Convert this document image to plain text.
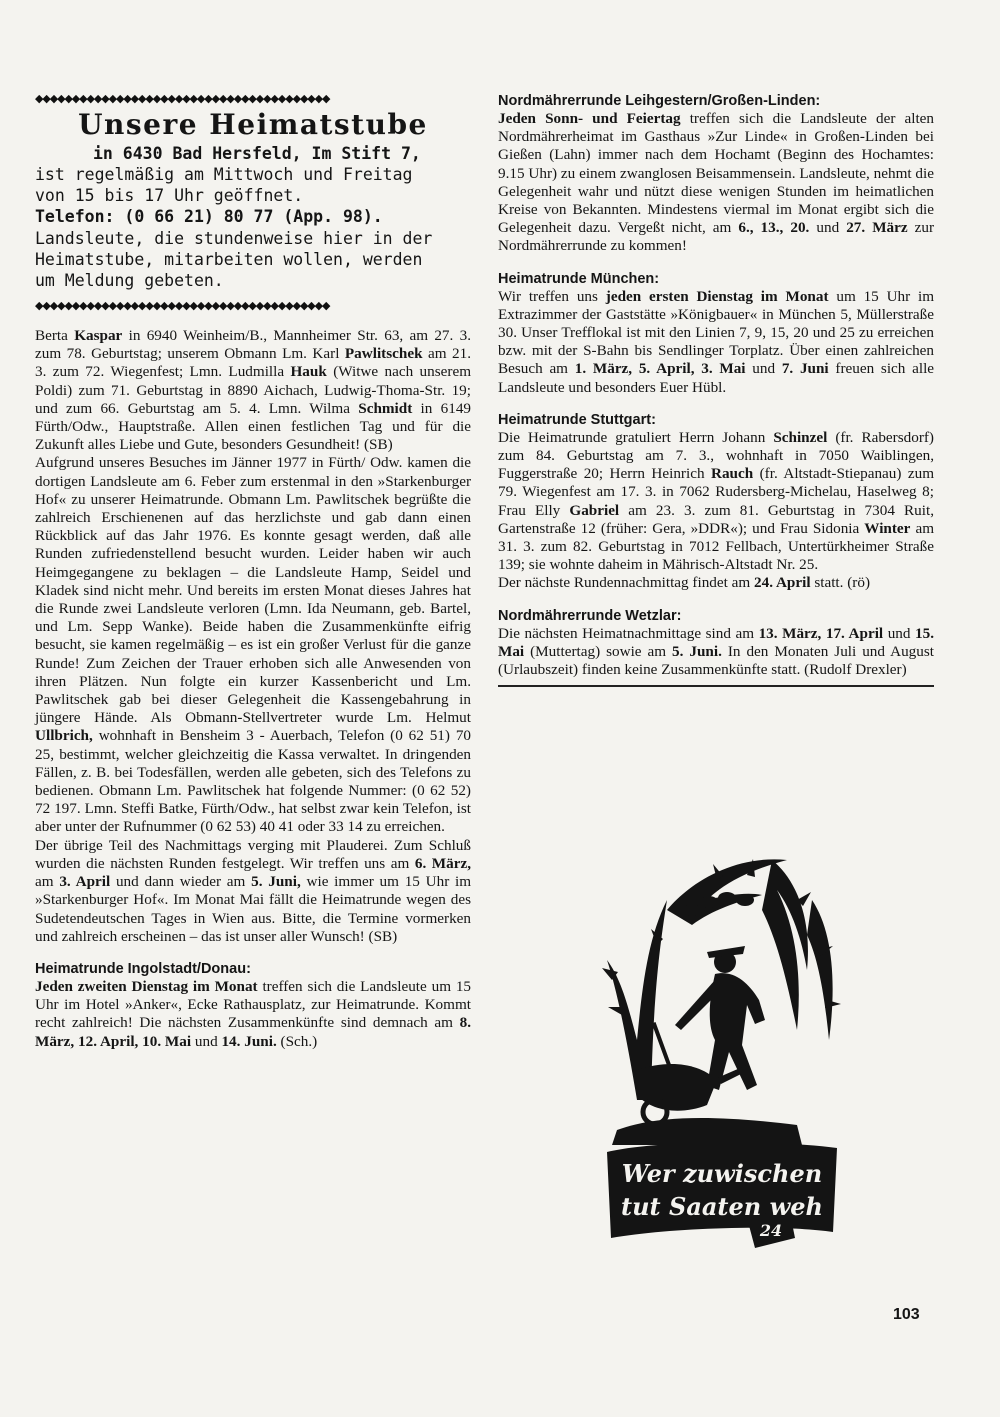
◆◆◆◆◆◆◆◆◆◆◆◆◆◆◆◆◆◆◆◆◆◆◆◆◆◆◆◆◆◆◆◆◆◆◆◆◆◆◆◆
Unsere Heimatstube
in 6430 Bad Hersfeld, Im Stift 7,
ist regelmäßig am Mittwoch und Freitag
von 15 bis 17 Uhr geöffnet.
Telefon: (0 66 21) 80 77 (App. 98).
Landsleute, die stundenweise hier in der
Heimatstube, mitarbeiten wollen, werden
um Meldung gebeten.
◆◆◆◆◆◆◆◆◆◆◆◆◆◆◆◆◆◆◆◆◆◆◆◆◆◆◆◆◆◆◆◆◆◆◆◆◆◆◆◆

Berta Kaspar in 6940 Weinheim/B., Mannheimer Str. 63, am 27. 3. zum 78. Geburtstag; unserem Obmann Lm. Karl Pawlitschek am 21. 3. zum 72. Wiegenfest; Lmn. Ludmilla Hauk (Witwe nach unserem Poldi) zum 71. Geburtstag in 8890 Aichach, Ludwig-Thoma-Str. 19; und zum 66. Geburtstag am 5. 4. Lmn. Wilma Schmidt in 6149 Fürth/Odw., Hauptstraße. Allen einen festlichen Tag und für die Zukunft alles Liebe und Gute, besonders Gesundheit! (SB)

Aufgrund unseres Besuches im Jänner 1977 in Fürth/ Odw. kamen die dortigen Landsleute am 6. Feber zum erstenmal in den »Starkenburger Hof« zu unserer Heimatrunde. Obmann Lm. Pawlitschek begrüßte die zahlreich Erschienenen auf das herzlichste und gab dann einen Rückblick auf das Jahr 1976. Es konnte gesagt werden, daß alle Runden zufriedenstellend besucht wurden. Leider haben wir auch Heimgegangene zu beklagen – die Landsleute Hamp, Seidel und Kladek sind nicht mehr. Und bereits im ersten Monat dieses Jahres hat die Runde zwei Landsleute verloren (Lmn. Ida Neumann, geb. Bartel, und Lm. Sepp Wanke). Beide haben die Zusammenkünfte eifrig besucht, sie kamen regelmäßig – es ist ein großer Verlust für die ganze Runde! Zum Zeichen der Trauer erhoben sich alle Anwesenden von ihren Plätzen. Nun folgte ein kurzer Kassenbericht und Lm. Pawlitschek gab bei dieser Gelegenheit die Kassengebahrung in jüngere Hände. Als Obmann-Stellvertreter wurde Lm. Helmut Ullbrich, wohnhaft in Bensheim 3 - Auerbach, Telefon (0 62 51) 70 25, bestimmt, welcher gleichzeitig die Kassa verwaltet. In dringenden Fällen, z. B. bei Todesfällen, werden alle gebeten, sich des Telefons zu bedienen. Obmann Lm. Pawlitschek hat folgende Nummer: (0 62 52) 72 197. Lmn. Steffi Batke, Fürth/Odw., hat selbst zwar kein Telefon, ist aber unter der Rufnummer (0 62 53) 40 41 oder 33 14 zu erreichen.

Der übrige Teil des Nachmittags verging mit Plauderei. Zum Schluß wurden die nächsten Runden festgelegt. Wir treffen uns am 6. März, am 3. April und dann wieder am 5. Juni, wie immer um 15 Uhr im »Starkenburger Hof«. Im Monat Mai fällt die Heimatrunde wegen des Sudetendeutschen Tages in Wien aus. Bitte, die Termine vormerken und zahlreich erscheinen – das ist unser aller Wunsch! (SB)

Heimatrunde Ingolstadt/Donau:

Jeden zweiten Dienstag im Monat treffen sich die Landsleute um 15 Uhr im Hotel »Anker«, Ecke Rathausplatz, zur Heimatrunde. Kommt recht zahlreich! Die nächsten Zusammenkünfte sind demnach am 8. März, 12. April, 10. Mai und 14. Juni. (Sch.)

Nordmährerrunde Leihgestern/Großen-Linden:

Jeden Sonn- und Feiertag treffen sich die Landsleute der alten Nordmährerheimat im Gasthaus »Zur Linde« in Großen-Linden bei Gießen (Lahn) immer nach dem Hochamt (Beginn des Hochamtes: 9.15 Uhr) zu einem zwanglosen Beisammensein. Landsleute, nehmt die Gelegenheit wahr und nützt diese wenigen Stunden im heimatlichen Kreise von Bekannten. Mindestens viermal im Monat ergibt sich die Gelegenheit dazu. Vergeßt nicht, am 6., 13., 20. und 27. März zur Nordmährerrunde zu kommen!

Heimatrunde München:

Wir treffen uns jeden ersten Dienstag im Monat um 15 Uhr im Extrazimmer der Gaststätte »Königbauer« in München 5, Müllerstraße 30. Unser Trefflokal ist mit den Linien 7, 9, 15, 20 und 25 zu erreichen bzw. mit der S-Bahn bis Sendlinger Torplatz. Über einen zahlreichen Besuch am 1. März, 5. April, 3. Mai und 7. Juni freuen sich alle Landsleute und besonders Euer Hübl.

Heimatrunde Stuttgart:

Die Heimatrunde gratuliert Herrn Johann Schinzel (fr. Rabersdorf) zum 84. Geburtstag am 7. 3., wohnhaft in 7050 Waiblingen, Fuggerstraße 20; Herrn Heinrich Rauch (fr. Altstadt-Stiepanau) zum 79. Wiegenfest am 17. 3. in 7062 Rudersberg-Michelau, Haselweg 8; Frau Elly Gabriel am 23. 3. zum 81. Geburtstag in 7304 Ruit, Gartenstraße 12 (früher: Gera, »DDR«); und Frau Sidonia Winter am 31. 3. zum 82. Geburtstag in 7012 Fellbach, Untertürkheimer Straße 139; sie wohnte daheim in Mährisch-Altstadt Nr. 25.

Der nächste Rundennachmittag findet am 24. April statt. (rö)

Nordmährerrunde Wetzlar:

Die nächsten Heimatnachmittage sind am 13. März, 17. April und 15. Mai (Muttertag) sowie am 5. Juni. In den Monaten Juli und August (Urlaubszeit) finden keine Zusammenkünfte statt. (Rudolf Drexler)

Wer zuwischen
tut Saaten weh
24
103
